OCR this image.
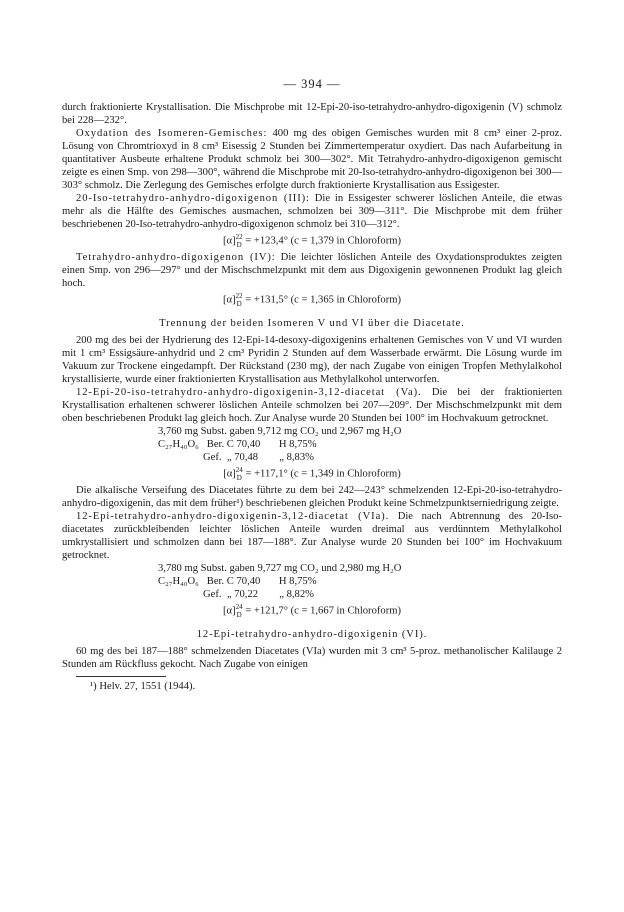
— 394 —

durch fraktionierte Krystallisation. Die Mischprobe mit 12-Epi-20-iso-tetrahydro-anhydro-digoxigenin (V) schmolz bei 228—232°.

Oxydation des Isomeren-Gemisches: 400 mg des obigen Gemisches wurden mit 8 cm³ einer 2-proz. Lösung von Chromtrioxyd in 8 cm³ Eisessig 2 Stunden bei Zimmertemperatur oxydiert. Das nach Aufarbeitung in quantitativer Ausbeute erhaltene Produkt schmolz bei 300—302°. Mit Tetrahydro-anhydro-digoxigenon gemischt zeigte es einen Smp. von 298—300°, während die Mischprobe mit 20-Iso-tetrahydro-anhydro-digoxigenon bei 300—303° schmolz. Die Zerlegung des Gemisches erfolgte durch fraktionierte Krystallisation aus Essigester.

20-Iso-tetrahydro-anhydro-digoxigenon (III): Die in Essigester schwerer löslichen Anteile, die etwas mehr als die Hälfte des Gemisches ausmachen, schmolzen bei 309—311°. Die Mischprobe mit dem früher beschriebenen 20-Iso-tetrahydro-anhydro-digoxigenon schmolz bei 310—312°.

[α] 22
D = +123,4° (c = 1,379 in Chloroform)

Tetrahydro-anhydro-digoxigenon (IV): Die leichter löslichen Anteile des Oxydationsproduktes zeigten einen Smp. von 296—297° und der Mischschmelzpunkt mit dem aus Digoxigenin gewonnenen Produkt lag gleich hoch.

[α] 22
D = +131,5° (c = 1,365 in Chloroform)
Trennung der beiden Isomeren V und VI über die Diacetate.

200 mg des bei der Hydrierung des 12-Epi-14-desoxy-digoxigenins erhaltenen Gemisches von V und VI wurden mit 1 cm³ Essigsäure-anhydrid und 2 cm³ Pyridin 2 Stunden auf dem Wasserbade erwärmt. Die Lösung wurde im Vakuum zur Trockene eingedampft. Der Rückstand (230 mg), der nach Zugabe von einigen Tropfen Methylalkohol krystallisierte, wurde einer fraktionierten Krystallisation aus Methylalkohol unterworfen.

12-Epi-20-iso-tetrahydro-anhydro-digoxigenin-3,12-diacetat (Va). Die bei der fraktionierten Krystallisation erhaltenen schwerer löslichen Anteile schmolzen bei 207—209°. Der Mischschmelzpunkt mit dem oben beschriebenen Produkt lag gleich hoch. Zur Analyse wurde 20 Stunden bei 100° im Hochvakuum getrocknet.

3,760 mg Subst. gaben 9,712 mg CO₂ und 2,967 mg H₂O
C₂₇H₄₀O₆   Ber. C 70,40       H 8,75%
Gef.  „ 70,48        „ 8,83%
[α] 24
D = +117,1° (c = 1,349 in Chloroform)

Die alkalische Verseifung des Diacetates führte zu dem bei 242—243° schmelzenden 12-Epi-20-iso-tetrahydro-anhydro-digoxigenin, das mit dem früher¹) beschriebenen gleichen Produkt keine Schmelzpunktserniedrigung zeigte.

12-Epi-tetrahydro-anhydro-digoxigenin-3,12-diacetat (VIa). Die nach Abtrennung des 20-Iso-diacetates zurückbleibenden leichter löslichen Anteile wurden dreimal aus verdünntem Methylalkohol umkrystallisiert und schmolzen dann bei 187—188°. Zur Analyse wurde 20 Stunden bei 100° im Hochvakuum getrocknet.

3,780 mg Subst. gaben 9,727 mg CO₂ und 2,980 mg H₂O
C₂₇H₄₀O₆   Ber. C 70,40       H 8,75%
Gef.  „ 70,22        „ 8,82%
[α] 24
D = +121,7° (c = 1,667 in Chloroform)
12-Epi-tetrahydro-anhydro-digoxigenin (VI).

60 mg des bei 187—188° schmelzenden Diacetates (VIa) wurden mit 3 cm³ 5-proz. methanolischer Kalilauge 2 Stunden am Rückfluss gekocht. Nach Zugabe von einigen

¹) Helv. 27, 1551 (1944).
